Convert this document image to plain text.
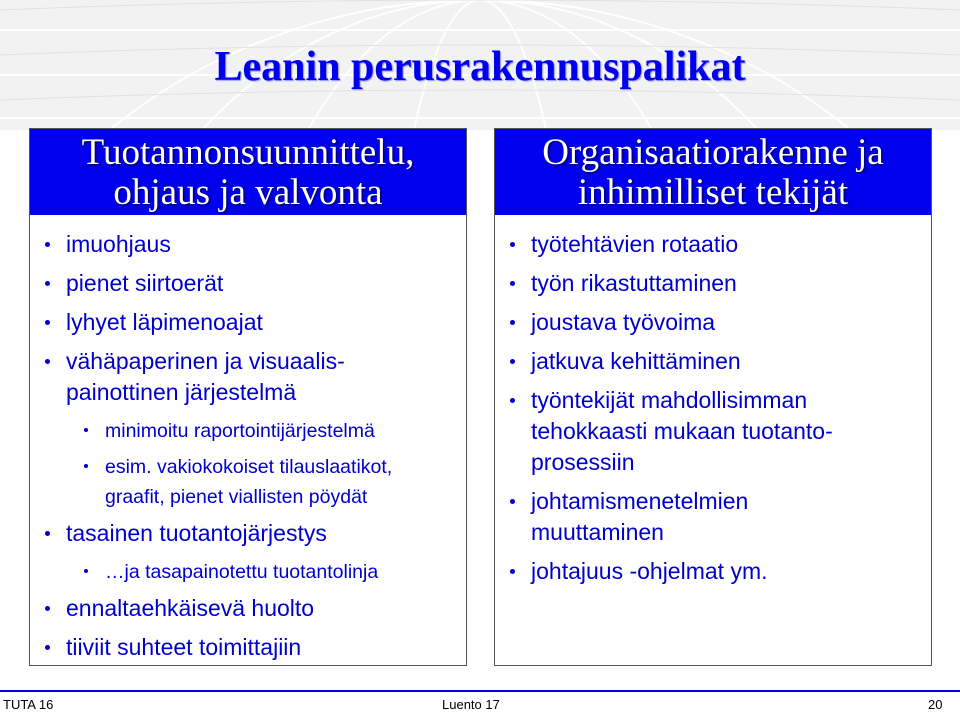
Leanin perusrakennuspalikat
Tuotannonsuunnittelu,
ohjaus ja valvonta
imuohjaus
pienet siirtoerät
lyhyet läpimenoajat
vähäpaperinen ja visuaalis-
painottinen järjestelmä
minimoitu raportointijärjestelmä
esim. vakiokokoiset tilauslaatikot,
graafit, pienet viallisten pöydät
tasainen tuotantojärjestys
…ja tasapainotettu tuotantolinja
ennaltaehkäisevä huolto
tiiviit suhteet toimittajiin
Organisaatiorakenne ja
inhimilliset tekijät
työtehtävien rotaatio
työn rikastuttaminen
joustava työvoima
jatkuva kehittäminen
työntekijät mahdollisimman
tehokkaasti mukaan tuotanto-
prosessiin
johtamismenetelmien
muuttaminen
johtajuus -ohjelmat ym.
TUTA 16	Luento 17	20
